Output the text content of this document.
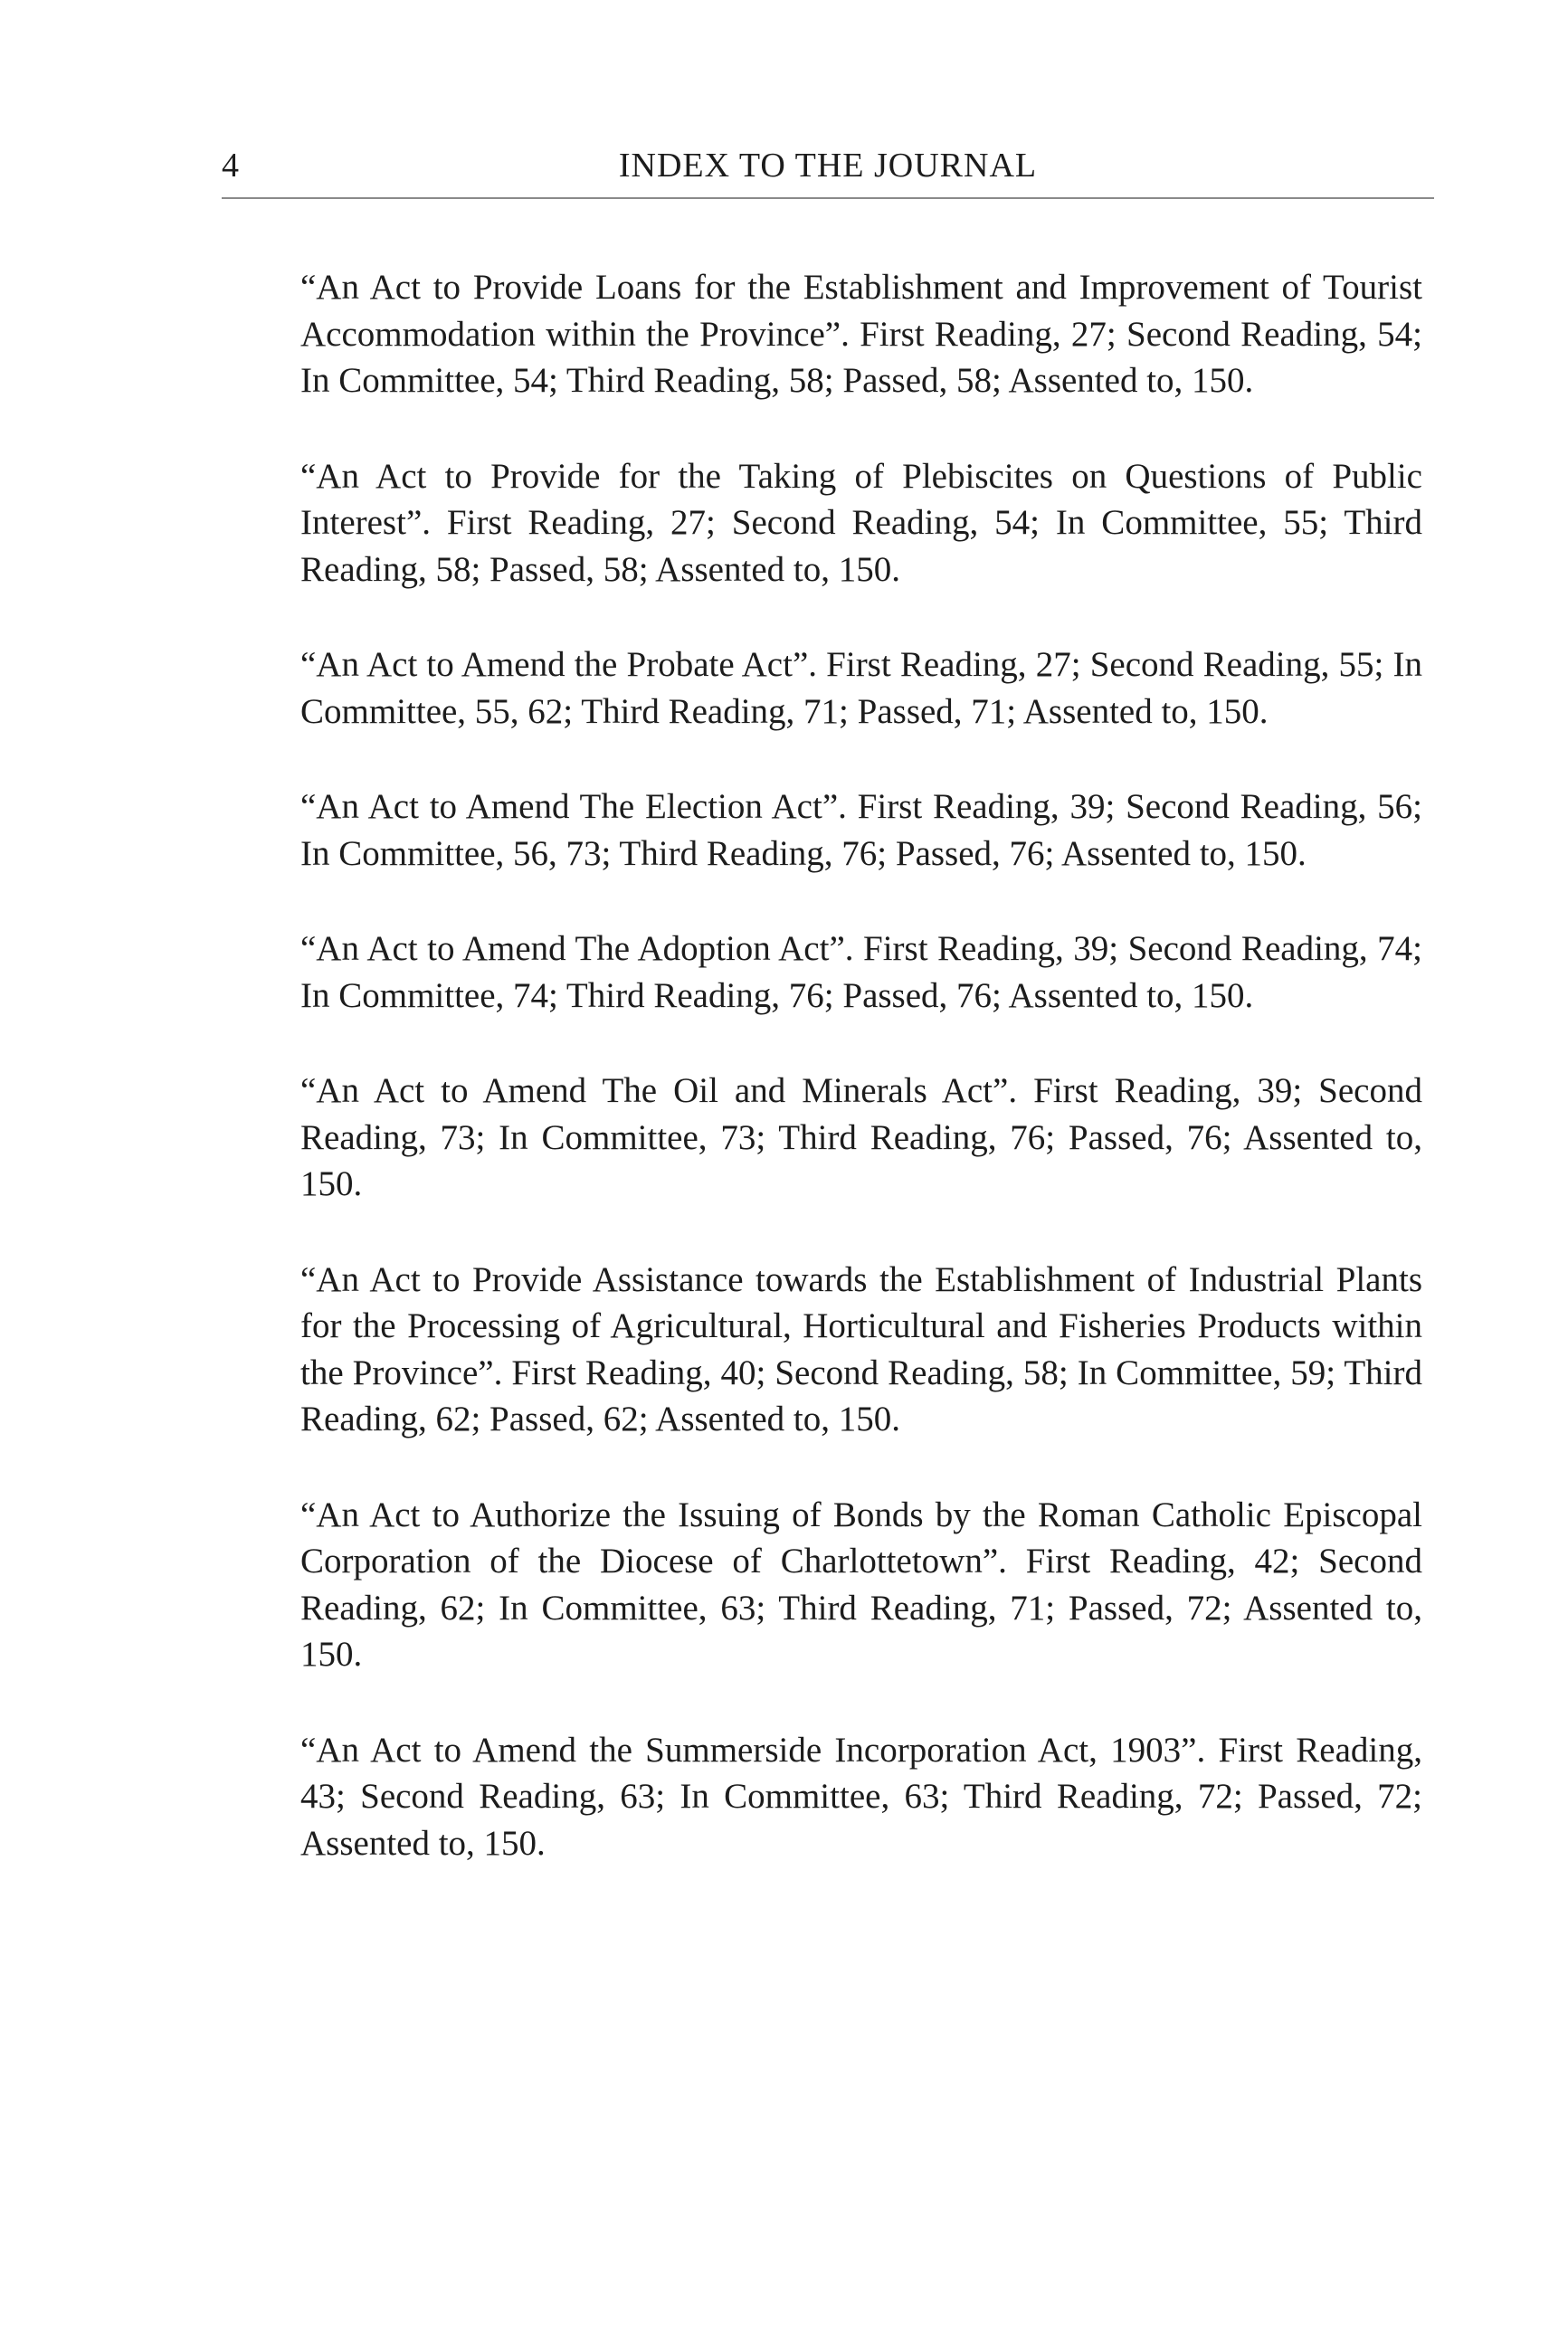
4	INDEX TO THE JOURNAL

“An Act to Provide Loans for the Establishment and Improvement of Tourist Accommodation within the Province”. First Reading, 27; Second Reading, 54; In Committee, 54; Third Reading, 58; Passed, 58; Assented to, 150.

“An Act to Provide for the Taking of Plebiscites on Questions of Public Interest”. First Reading, 27; Second Reading, 54; In Committee, 55; Third Reading, 58; Passed, 58; Assented to, 150.

“An Act to Amend the Probate Act”. First Reading, 27; Second Reading, 55; In Committee, 55, 62; Third Reading, 71; Passed, 71; Assented to, 150.

“An Act to Amend The Election Act”. First Reading, 39; Second Reading, 56; In Committee, 56, 73; Third Reading, 76; Passed, 76; Assented to, 150.

“An Act to Amend The Adoption Act”. First Reading, 39; Second Reading, 74; In Committee, 74; Third Reading, 76; Passed, 76; Assented to, 150.

“An Act to Amend The Oil and Minerals Act”. First Reading, 39; Second Reading, 73; In Committee, 73; Third Reading, 76; Passed, 76; Assented to, 150.

“An Act to Provide Assistance towards the Establishment of Industrial Plants for the Processing of Agricultural, Horticultural and Fisheries Products within the Province”. First Reading, 40; Second Reading, 58; In Committee, 59; Third Reading, 62; Passed, 62; Assented to, 150.

“An Act to Authorize the Issuing of Bonds by the Roman Catholic Episcopal Corporation of the Diocese of Charlottetown”. First Reading, 42; Second Reading, 62; In Committee, 63; Third Reading, 71; Passed, 72; Assented to, 150.

“An Act to Amend the Summerside Incorporation Act, 1903”. First Reading, 43; Second Reading, 63; In Committee, 63; Third Reading, 72; Passed, 72; Assented to, 150.
